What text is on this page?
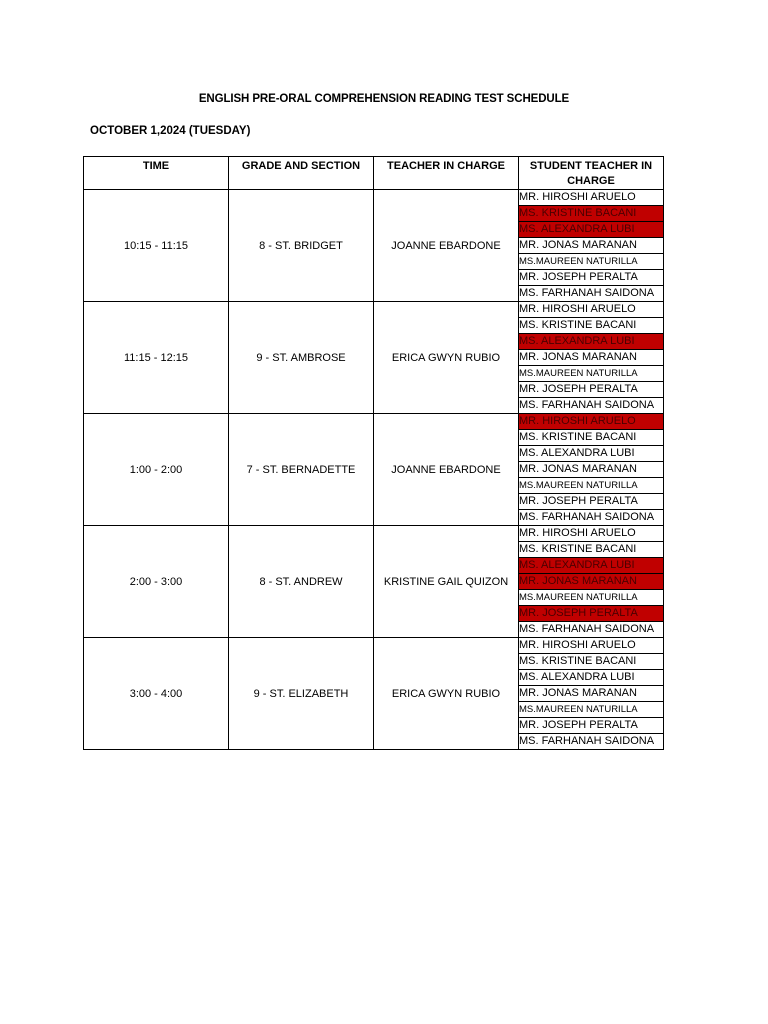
ENGLISH PRE-ORAL COMPREHENSION READING TEST SCHEDULE
OCTOBER 1,2024 (TUESDAY)
TIME	GRADE AND SECTION	TEACHER IN CHARGE	STUDENT TEACHER IN CHARGE
10:15 - 11:15	8 - ST. BRIDGET	JOANNE EBARDONE	MR. HIROSHI ARUELO
			MS. KRISTINE BACANI
			MS. ALEXANDRA LUBI
			MR. JONAS MARANAN
			MS.MAUREEN NATURILLA
			MR. JOSEPH PERALTA
			MS. FARHANAH SAIDONA
11:15 - 12:15	9 - ST. AMBROSE	ERICA GWYN RUBIO	MR. HIROSHI ARUELO
			MS. KRISTINE BACANI
			MS. ALEXANDRA LUBI
			MR. JONAS MARANAN
			MS.MAUREEN NATURILLA
			MR. JOSEPH PERALTA
			MS. FARHANAH SAIDONA
1:00 - 2:00	7 - ST. BERNADETTE	JOANNE EBARDONE	MR. HIROSHI ARUELO
			MS. KRISTINE BACANI
			MS. ALEXANDRA LUBI
			MR. JONAS MARANAN
			MS.MAUREEN NATURILLA
			MR. JOSEPH PERALTA
			MS. FARHANAH SAIDONA
2:00 - 3:00	8 - ST. ANDREW	KRISTINE GAIL QUIZON	MR. HIROSHI ARUELO
			MS. KRISTINE BACANI
			MS. ALEXANDRA LUBI
			MR. JONAS MARANAN
			MS.MAUREEN NATURILLA
			MR. JOSEPH PERALTA
			MS. FARHANAH SAIDONA
3:00 - 4:00	9 - ST. ELIZABETH	ERICA GWYN RUBIO	MR. HIROSHI ARUELO
			MS. KRISTINE BACANI
			MS. ALEXANDRA LUBI
			MR. JONAS MARANAN
			MS.MAUREEN NATURILLA
			MR. JOSEPH PERALTA
			MS. FARHANAH SAIDONA
